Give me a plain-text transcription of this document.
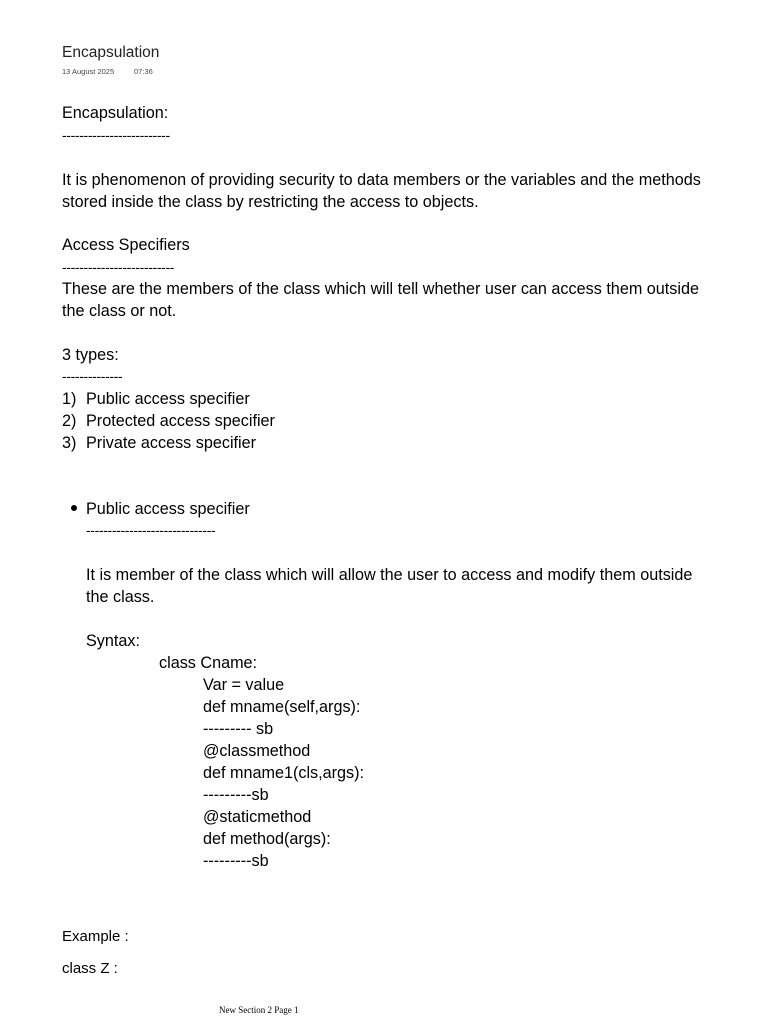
Encapsulation
13 August 2025	07:36
Encapsulation:
-------------------------
It is phenomenon of providing security to data members or the variables and the methods
stored inside the class by restricting the access to objects.
Access Specifiers
--------------------------
These are the members of the class which will tell whether user can access them outside
the class or not.
3 types:
--------------
1) Public access specifier
2) Protected access specifier
3) Private access specifier
Public access specifier
------------------------------
It is member of the class which will allow the user to access and modify them outside
the class.
Syntax:
class Cname:
Var = value
def mname(self,args):
--------- sb
@classmethod
def mname1(cls,args):
---------sb
@staticmethod
def method(args):
---------sb
Example :
class Z :
New Section 2 Page 1
